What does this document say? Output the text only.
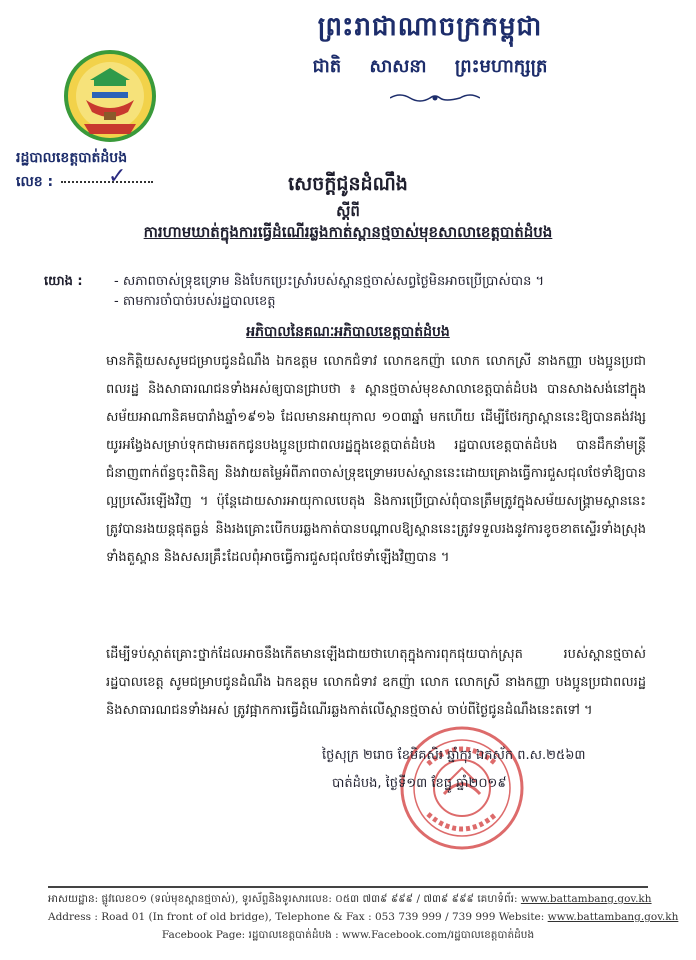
ព្រះរាជាណាចក្រកម្ពុជា
ជាតិ សាសនា ព្រះមហាក្សត្រ
រដ្ឋបាលខេត្តបាត់ដំបង
លេខ :	✓	សេចក្តីជូនដំណឹង
ស្តីពី
ការហាមឃាត់ក្នុងការធ្វើដំណើរឆ្លងកាត់ស្ពានថ្មចាស់មុខសាលាខេត្តបាត់ដំបង
យោង : - សភាពចាស់ទ្រុឌទ្រោម និងបែកប្រេះស្រាំរបស់ស្ពានថ្មចាស់សព្វថ្ងៃមិនអាចប្រើប្រាស់បាន ។
- តាមការចាំបាច់របស់រដ្ឋបាលខេត្ត
អភិបាលនៃគណៈអភិបាលខេត្តបាត់ដំបង

មានកិត្តិយសសូមជម្រាបជូនដំណឹង ឯកឧត្តម លោកជំទាវ លោកឧកញ៉ា លោក លោកស្រី នាងកញ្ញា បងប្អូនប្រជាពលរដ្ឋ និងសាធារណជនទាំងអស់ឲ្យបានជ្រាបថា ៖ ស្ពានថ្មចាស់មុខសាលាខេត្តបាត់ដំបង បានសាងសង់នៅក្នុងសម័យអាណានិគមបារាំងឆ្នាំ១៩១៦ ដែលមានអាយុកាល ១០៣ឆ្នាំ មកហើយ ដើម្បីថែរក្សាស្ពាននេះឱ្យបានគង់វង្សយូរអង្វែងសម្រាប់ទុកជាមរតកជូនបងប្អូនប្រជាពលរដ្ឋក្នុងខេត្តបាត់ដំបង រដ្ឋបាលខេត្តបាត់ដំបង បានដឹកនាំមន្ត្រីជំនាញពាក់ព័ន្ធចុះពិនិត្យ និងវាយតម្លៃអំពីភាពចាស់ទ្រុឌទ្រោមរបស់ស្ពាននេះដោយគ្រោងធ្វើការជួសជុលថែទាំឱ្យបានល្អប្រសើរឡើងវិញ ។ ប៉ុន្តែដោយសារអាយុកាលបេតុង និងការប្រើប្រាស់ពុំបានត្រឹមត្រូវក្នុងសម័យសង្គ្រាមស្ពាននេះត្រូវបានរងយន្តផុតធ្ងន់ និងរងគ្រោះបើកបរឆ្លងកាត់បានបណ្តាលឱ្យស្ពាននេះត្រូវទទួលរងនូវការខូចខាតស្ទើរទាំងស្រុងទាំងតួស្ពាន និងសសរគ្រឹះដែលពុំអាចធ្វើការជួសជុលថែទាំឡើងវិញបាន ។

ដើម្បីទប់ស្កាត់គ្រោះថ្នាក់ដែលអាចនឹងកើតមានឡើងជាយថាហេតុក្នុងការពុកផុយបាក់ស្រុត របស់ស្ពានថ្មចាស់ រដ្ឋបាលខេត្ត សូមជម្រាបជូនដំណឹង ឯកឧត្តម លោកជំទាវ ឧកញ៉ា លោក លោកស្រី នាងកញ្ញា បងប្អូនប្រជាពលរដ្ឋ និងសាធារណជនទាំងអស់ ត្រូវផ្អាកការធ្វើដំណើរឆ្លងកាត់លើស្ពានថ្មចាស់ ចាប់ពីថ្ងៃជូនដំណឹងនេះតទៅ ។

ថ្ងៃសុក្រ ២រោច ខែមិគសិរ ឆ្នាំកុរ ឯកស័ក ព.ស.២៥៦៣
បាត់ដំបង, ថ្ងៃទី១៣ ខែធ្នូ ឆ្នាំ២០១៩
អាសយដ្ឋាន: ផ្លូវលេខ០១ (ទល់មុខស្ពានថ្មចាស់), ទូរស័ព្ទនិងទូរសារលេខ: ០៥៣ ៧៣៩ ៩៩៩ / ៧៣៩ ៩៩៩ គេហទំព័រ: www.battambang.gov.kh
Address : Road 01 (In front of old bridge), Telephone & Fax : 053 739 999 / 739 999 Website: www.battambang.gov.kh
Facebook Page: រដ្ឋបាលខេត្តបាត់ដំបង : www.Facebook.com/រដ្ឋបាលខេត្តបាត់ដំបង
